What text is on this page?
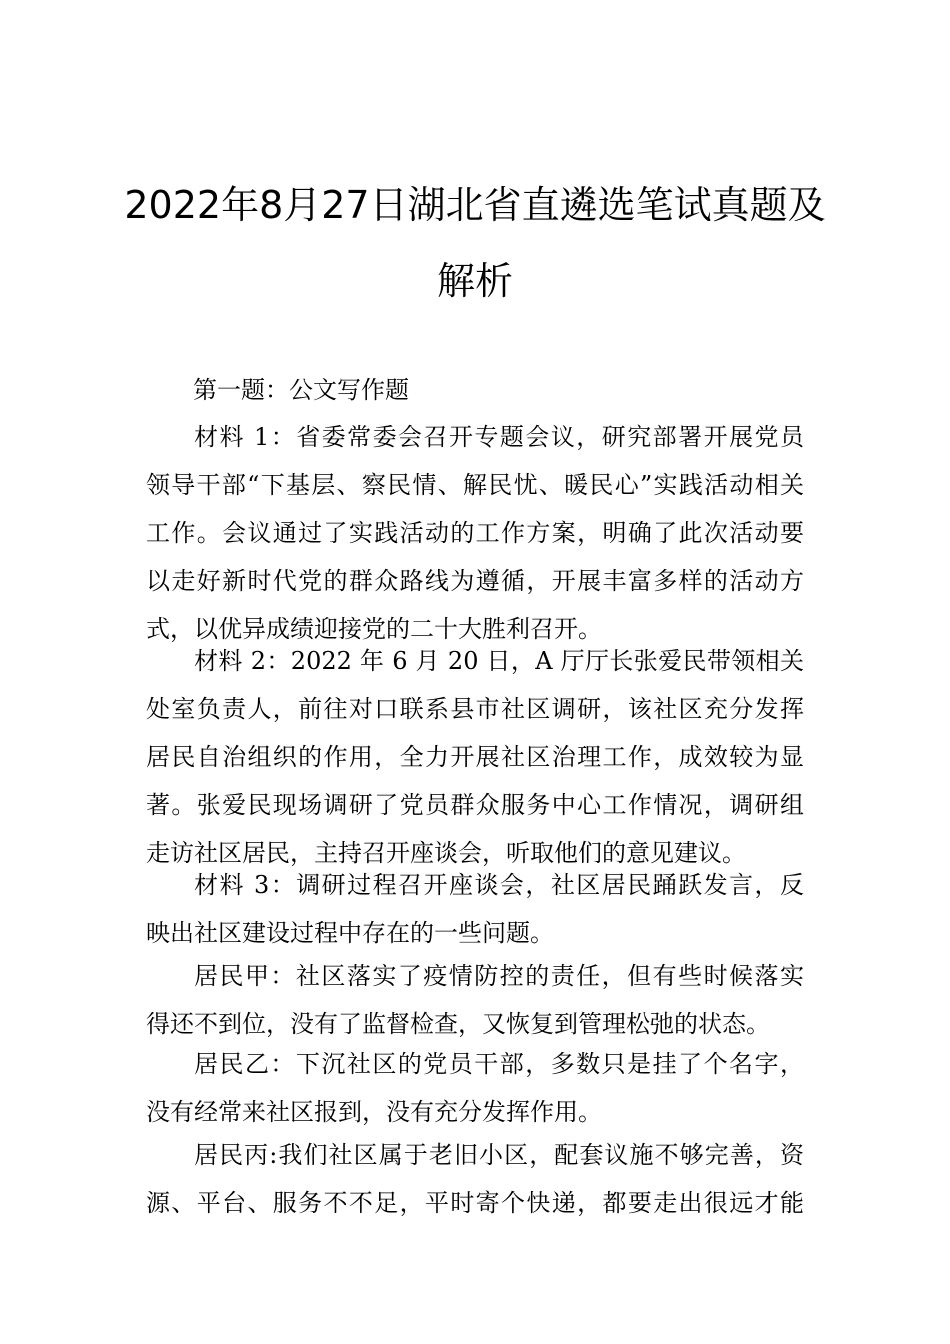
2022年8月27日湖北省直遴选笔试真题及
解析
第一题：公文写作题
材料 1：省委常委会召开专题会议，研究部署开展党员
领导干部“下基层、察民情、解民忧、暖民心”实践活动相关
工作。会议通过了实践活动的工作方案，明确了此次活动要
以走好新时代党的群众路线为遵循，开展丰富多样的活动方
式，以优异成绩迎接党的二十大胜利召开。
材料 2：2022 年 6 月 20 日，A 厅厅长张爱民带领相关
处室负责人，前往对口联系县市社区调研，该社区充分发挥
居民自治组织的作用，全力开展社区治理工作，成效较为显
著。张爱民现场调研了党员群众服务中心工作情况，调研组
走访社区居民，主持召开座谈会，听取他们的意见建议。
材料 3：调研过程召开座谈会，社区居民踊跃发言，反
映出社区建设过程中存在的一些问题。
居民甲：社区落实了疫情防控的责任，但有些时候落实
得还不到位，没有了监督检查，又恢复到管理松弛的状态。
居民乙：下沉社区的党员干部，多数只是挂了个名字，
没有经常来社区报到，没有充分发挥作用。
居民丙:我们社区属于老旧小区，配套议施不够完善，资
源、平台、服务不不足，平时寄个快递，都要走出很远才能
